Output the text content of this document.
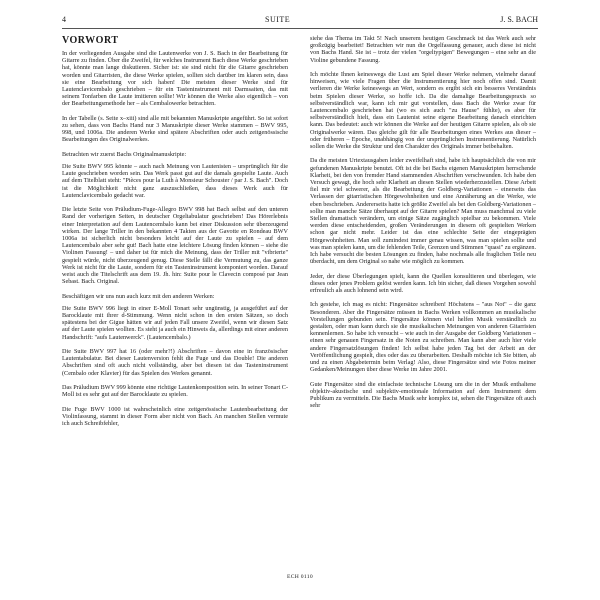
4	SUITE	J. S. BACH
VORWORT

In der vorliegenden Ausgabe sind die Lautenwerke von J. S. Bach in der Bearbeitung für Gitarre zu finden. Über die Zweifel, für welches Instrument Bach diese Werke geschrieben hat, könnte man lange diskutieren. Sicher ist: sie sind nicht für die Gitarre geschrieben worden und Gitarristen, die diese Werke spielen, sollten sich darüber im klaren sein, dass sie eine Bearbeitung vor sich haben! Die meisten dieser Werke sind für Lautenclavicembalo geschrieben – für ein Tasteninstrument mit Darmsaiten, das mit seinem Tonfarben die Laute imitieren sollte! Wir können die Werke also eigentlich – von der Bearbeitungsmethode her – als Cembalowerke betrachten.

In der Tabelle (s. Seite x–xiii) sind alle mit bekannten Manuskripte angeführt. So ist sofort zu sehen, dass von Bachs Hand nur 3 Manuskripte dieser Werke stammen – BWV 995, 998, und 1006a. Die anderen Werke sind spätere Abschriften oder auch zeitgenössische Bearbeitungen des Originalwerkes.

Betrachten wir zuerst Bachs Originalmanuskripte:

Die Suite BWV 995 könnte – auch nach Meinung von Lautenisten – ursprünglich für die Laute geschrieben worden sein. Das Werk passt gut auf die damals gespielte Laute. Auch auf dem Titelblatt steht: "Pièces pour la Luth à Monsieur Schouster / par J. S. Bach". Doch ist die Möglichkeit nicht ganz auszuschließen, dass dieses Werk auch für Lautenclavicembalo gedacht war.

Die letzte Seite von Präludium-Fuge-Allegro BWV 998 hat Bach selbst auf den unteren Rand der vorherigen Seiten, in deutscher Orgeltabulatur geschrieben! Das Hörerlebnis einer Interpretation auf dem Lautencembalo kann bei einer Diskussion sehr überzeugend wirken. Der lange Triller in den bekannten 4 Takten aus der Gavotte en Rondeau BWV 1006a ist sicherlich nicht besonders leicht auf der Laute zu spielen – auf dem Lautencembalo aber sehr gut! Bach hatte eine leichtere Lösung finden können – siehe die Violinen Fassung! – und daher ist für mich die Meinung, dass der Triller mit "vibrierte" gespielt würde, nicht überzeugend genug. Diese Stelle fällt die Vermutung zu, das ganze Werk ist nicht für die Laute, sondern für ein Tasteninstrument komponiert worden. Darauf weist auch die Titelschrift aus dem 19. Jh. hin: Suite pour le Clavecin composé par Jean Sebast. Bach. Original.

Beschäftigen wir uns nun auch kurz mit den anderen Werken:

Die Suite BWV 996 liegt in einer E-Moll Tonart sehr ungünstig, ja ausgeführt auf der Barocklaute mit ihrer d-Stimmung. Wenn nicht schon in den ersten Sätzen, so doch spätestens bei der Gigue hätten wir auf jeden Fall unsere Zweifel, wenn wir diesen Satz auf der Laute spielen wollten. Es steht ja auch ein Hinweis da, allerdings mit einer anderen Handschrift: "aufs Lautenwerck". (Lautencembalo.)

Die Suite BWV 997 hat 16 (oder mehr?!) Abschriften – davon eine in französischer Lautentabulatur. Bei dieser Lautenversion fehlt die Fuge und das Double! Die anderen Abschriften sind oft auch nicht vollständig, aber bei diesen ist das Tasteninstrument (Cembalo oder Klavier) für das Spielen des Werkes genannt.

Das Präludium BWV 999 könnte eine richtige Lautenkomposition sein. In seiner Tonart C-Moll ist es sehr gut auf der Barocklaute zu spielen.

Die Fuge BWV 1000 ist wahrscheinlich eine zeitgenössische Lautenbearbeitung der Violinfassung, stammt in dieser Form aber nicht von Bach. An manchen Stellen vermute ich auch Schreibfehler,

siehe das Thema im Takt 5! Nach unserem heutigen Geschmack ist das Werk auch sehr großzügig bearbeitet! Betrachten wir nun die Orgelfassung genauer, auch diese ist nicht von Bachs Hand. Sie ist – trotz der vielen "orgeltypigen" Bewegungen – eine sehr an die Violine gebundene Fassung.

Ich möchte Ihnen keineswegs die Lust am Spiel dieser Werke nehmen, vielmehr darauf hinweisen, wie viele Fragen über die Instrumentierung hier noch offen sind. Damit verlieren die Werke keineswegs an Wert, sondern es ergibt sich ein besseres Verständnis beim Spielen dieser Werke, so hoffe ich. Da die damalige Bearbeitungspraxis so selbstverständlich war, kann ich mir gut vorstellen, dass Bach die Werke zwar für Lautencembalo geschrieben hat (wo es sich auch "zu Hause" fühlte), es aber für selbstverständlich hielt, dass ein Lautenist seine eigene Bearbeitung danach einrichten kann. Das bedeutet: auch wir können die Werke auf der heutigen Gitarre spielen, als ob sie Originalwerke wären. Das gleiche gilt für alle Bearbeitungen eines Werkes aus dieser – oder früheren – Epoche, unabhängig von der ursprünglichen Instrumentierung. Natürlich sollen die Werke die Struktur und den Charakter des Originals immer beibehalten.

Da die meisten Urtextausgaben leider zweifelhaft sind, habe ich hauptsächlich die von mir gefundenen Manuskripte benutzt. Oft ist die bei Bachs eigenen Manuskripten herrschende Klarheit, bei den von fremder Hand stammenden Abschriften verschwunden. Ich habe den Versuch gewagt, die hoch sehr Klarheit an diesen Stellen wiederherzustellen. Diese Arbeit fiel mir viel schwerer, als die Bearbeitung der Goldberg-Variationen – einerseits das Verlassen der gitarristischen Hörgewohnheiten und eine Annäherung an die Werke, wie eben beschrieben. Andererseits hatte ich größte Zweifel als bei den Goldberg-Variationen – sollte man manche Sätze überhaupt auf der Gitarre spielen? Man muss manchmal zu viele Stellen dramatisch verändern, um einige Sätze zugänglich spielbar zu bekommen. Viele werden diese entscheidenden, großen Veränderungen in diesem oft gespielten Werken schon gar nicht mehr. Leider ist das eine schlechte Seite der eingeprägten Hörgewohnheiten. Man soll zumindest immer genau wissen, was man spielen sollte und was man spielen kann, um die fehlenden Teile, Grenzen und Stimmen "quasi" zu ergänzen. Ich habe versucht die besten Lösungen zu finden, habe nochmals alle fraglichen Teile neu überdacht, um dem Original so nahe wie möglich zu kommen.

Jeder, der diese Überlegungen spielt, kann die Quellen konsultieren und überlegen, wie dieses oder jenes Problem gelöst werden kann. Ich bin sicher, daß dieses Vorgehen sowohl erfreulich als auch lohnend sein wird.

Ich gestehe, ich mag es nicht: Fingersätze schreiben! Höchstens – "aus Not" – die ganz Besonderen. Aber die Fingersätze müssen in Bachs Werken vollkommen an musikalische Vorstellungen gebunden sein. Fingersätze können viel helfen Musik verständlich zu gestalten, oder man kann durch sie die musikalischen Meinungen von anderen Gitarristen kennenlernen. So habe ich versucht – wie auch in der Ausgabe der Goldberg Variationen – einen sehr genauen Fingersatz in die Noten zu schreiben. Man kann aber auch hier viele andere Fingersatzlösungen finden! Ich selbst habe jeden Tag bei der Arbeit an der Veröffentlichung gespielt, dies oder das zu überarbeiten. Deshalb möchte ich Sie bitten, ab und zu einen Abgabetermin beim Verlag! Also, diese Fingersätze sind wie Fotos meiner Gedanken/Meinungen über diese Werke im Jahre 2001.

Gute Fingersätze sind die einfachste technische Lösung um die in der Musik enthaltene objektiv-akustische und subjektiv-emotionale Information auf dem Instrument dem Publikum zu vermitteln. Die Bachs Musik sehr komplex ist, sehen die Fingersätze oft auch sehr

ECH 0110
